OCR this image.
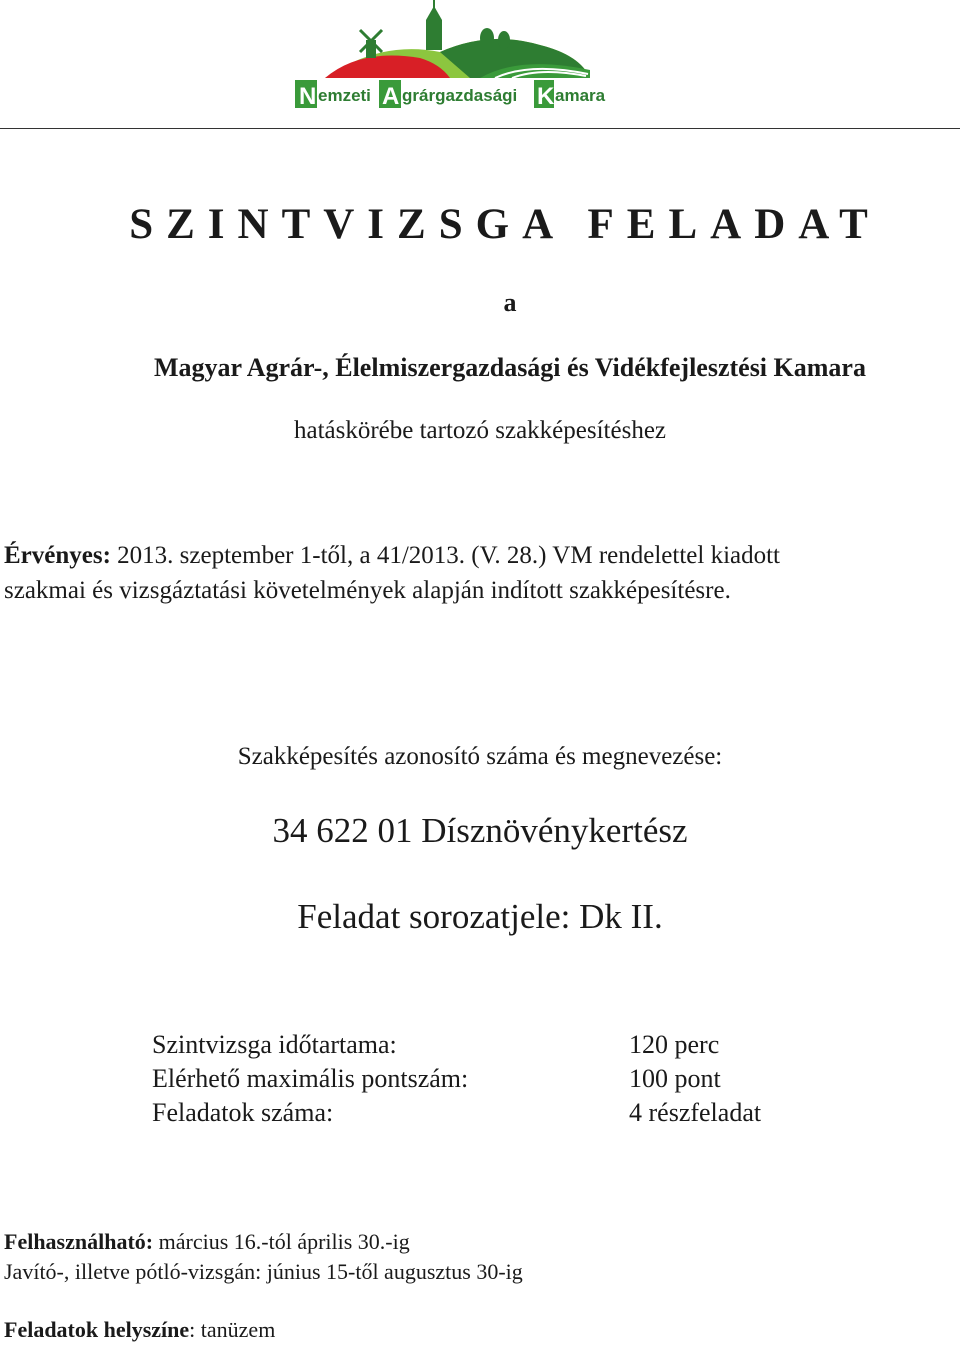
N emzeti A grárgazdasági K amara
SZINTVIZSGA FELADAT
a
Magyar Agrár-, Élelmiszergazdasági és Vidékfejlesztési Kamara
hatáskörébe tartozó szakképesítéshez
Érvényes: 2013. szeptember 1-től, a 41/2013. (V. 28.) VM rendelettel kiadott
szakmai és vizsgáztatási követelmények alapján indított szakképesítésre.
Szakképesítés azonosító száma és megnevezése:
34 622 01 Dísznövénykertész
Feladat sorozatjele: Dk II.
Szintvizsga időtartama:
Elérhető maximális pontszám:
Feladatok száma:
120 perc
100 pont
4 részfeladat
Felhasználható: március 16.-tól április 30.-ig
Javító-, illetve pótló-vizsgán: június 15-től augusztus 30-ig
Feladatok helyszíne: tanüzem
